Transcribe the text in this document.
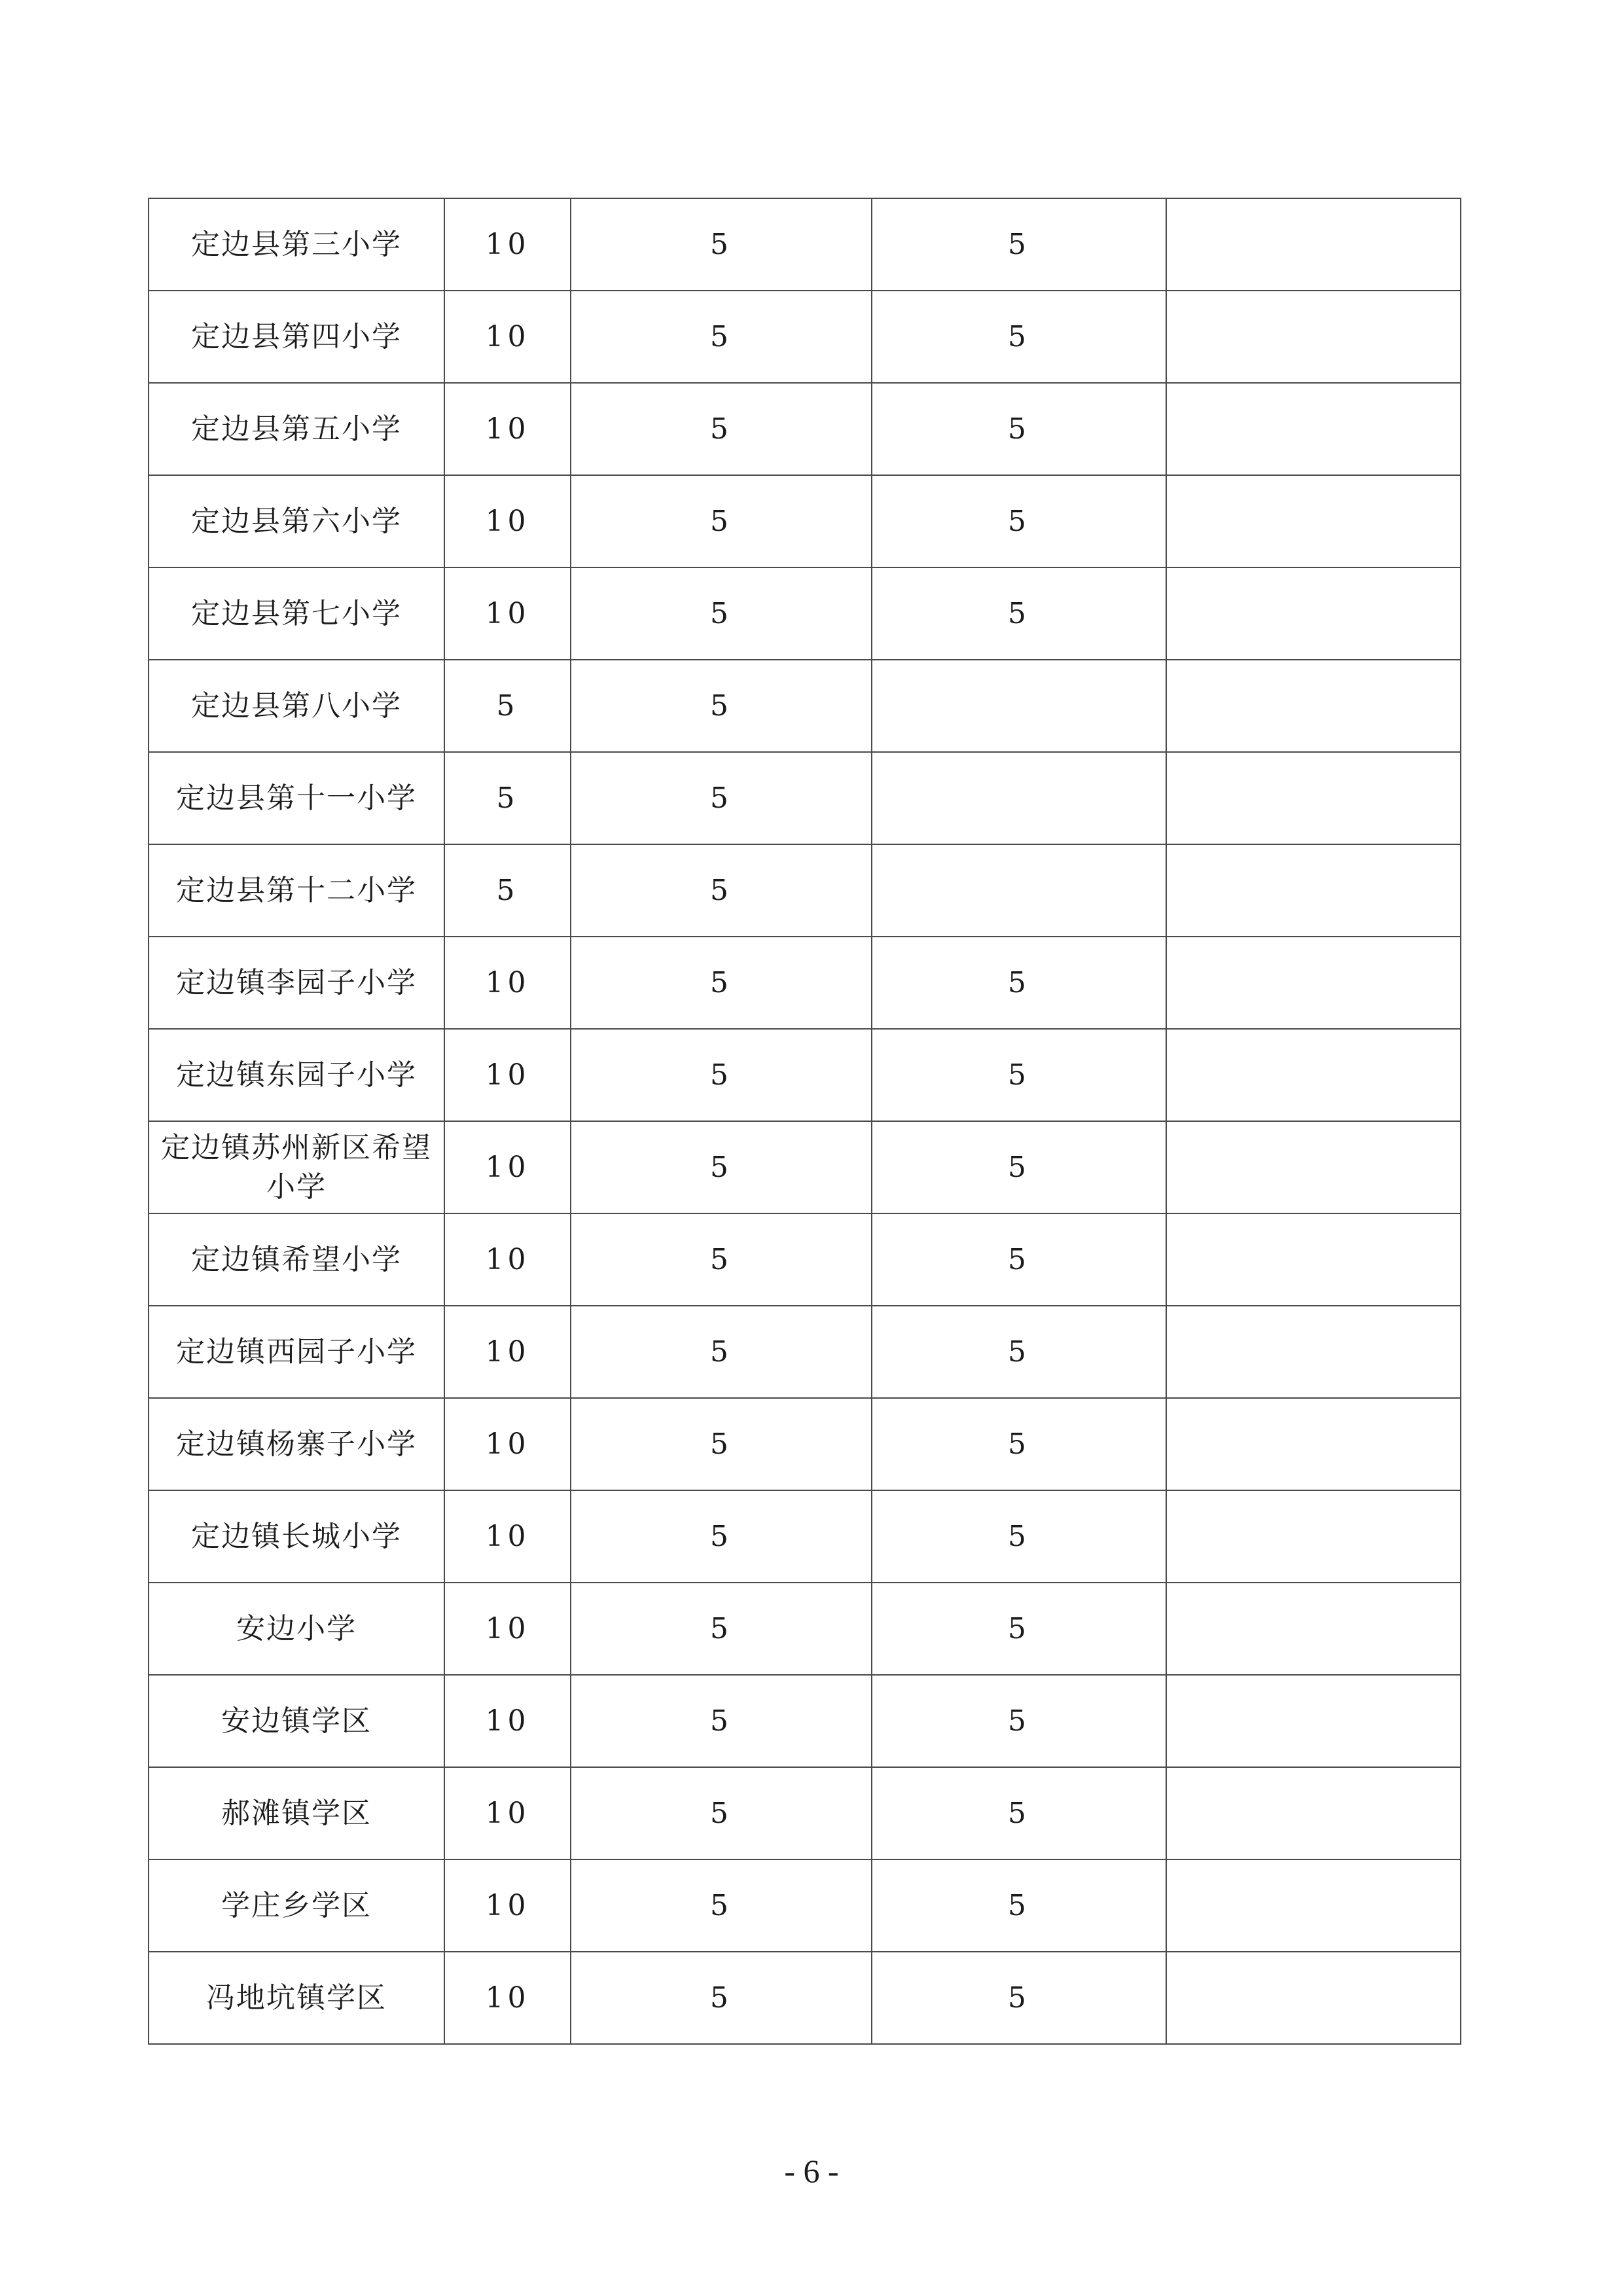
定边县第三小学	10	5	5	
定边县第四小学	10	5	5	
定边县第五小学	10	5	5	
定边县第六小学	10	5	5	
定边县第七小学	10	5	5	
定边县第八小学	5	5		
定边县第十一小学	5	5		
定边县第十二小学	5	5		
定边镇李园子小学	10	5	5	
定边镇东园子小学	10	5	5	
定边镇苏州新区希望小学	10	5	5	
定边镇希望小学	10	5	5	
定边镇西园子小学	10	5	5	
定边镇杨寨子小学	10	5	5	
定边镇长城小学	10	5	5	
安边小学	10	5	5	
安边镇学区	10	5	5	
郝滩镇学区	10	5	5	
学庄乡学区	10	5	5	
冯地坑镇学区	10	5	5	
- 6 -
